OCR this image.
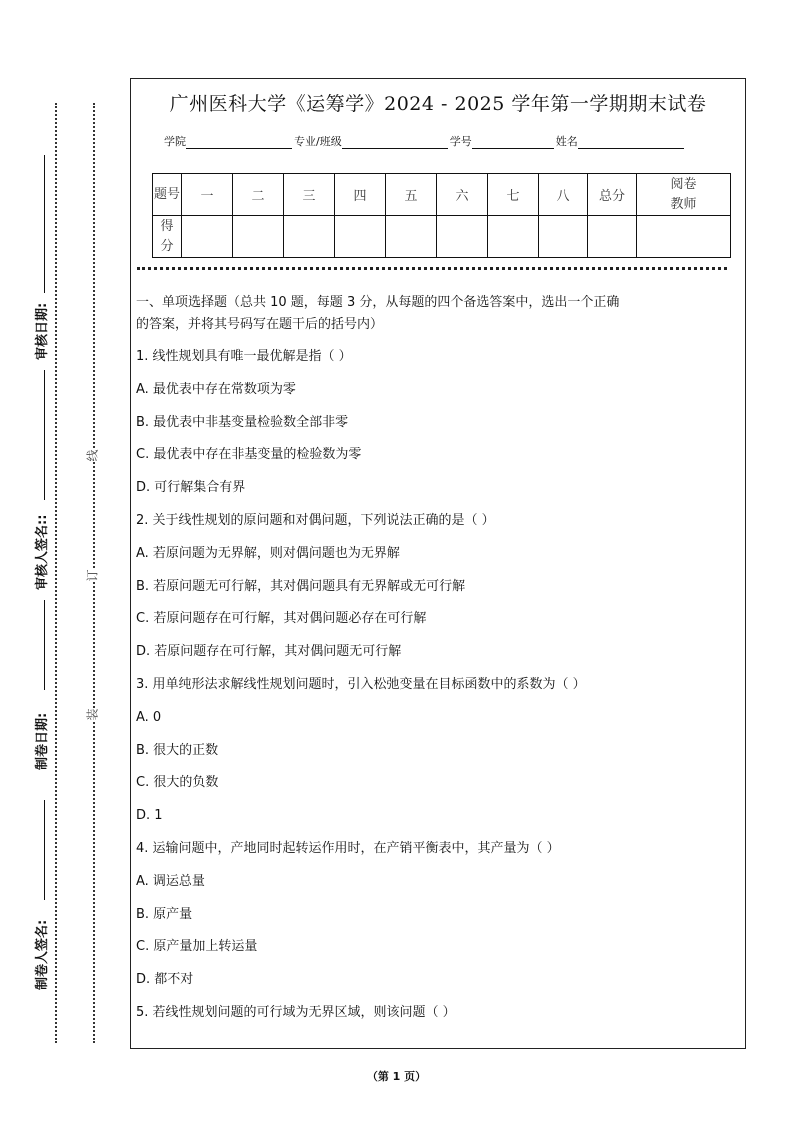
审核日期:
审核人签名::
制卷日期:
制卷人签名:
装
订
线
广州医科大学《运筹学》2024 - 2025 学年第一学期期末试卷
学院	专业/班级	学号	姓名
题号	一	二	三	四	五	六	七	八	总分	阅卷教师
得分										
一、单项选择题（总共 10 题，每题 3 分，从每题的四个备选答案中，选出一个正确
的答案，并将其号码写在题干后的括号内）
1. 线性规划具有唯一最优解是指（ ）
A. 最优表中存在常数项为零
B. 最优表中非基变量检验数全部非零
C. 最优表中存在非基变量的检验数为零
D. 可行解集合有界
2. 关于线性规划的原问题和对偶问题，下列说法正确的是（ ）
A. 若原问题为无界解，则对偶问题也为无界解
B. 若原问题无可行解，其对偶问题具有无界解或无可行解
C. 若原问题存在可行解，其对偶问题必存在可行解
D. 若原问题存在可行解，其对偶问题无可行解
3. 用单纯形法求解线性规划问题时，引入松弛变量在目标函数中的系数为（ ）
A. 0
B. 很大的正数
C. 很大的负数
D. 1
4. 运输问题中，产地同时起转运作用时，在产销平衡表中，其产量为（ ）
A. 调运总量
B. 原产量
C. 原产量加上转运量
D. 都不对
5. 若线性规划问题的可行域为无界区域，则该问题（ ）
（第 1 页）
